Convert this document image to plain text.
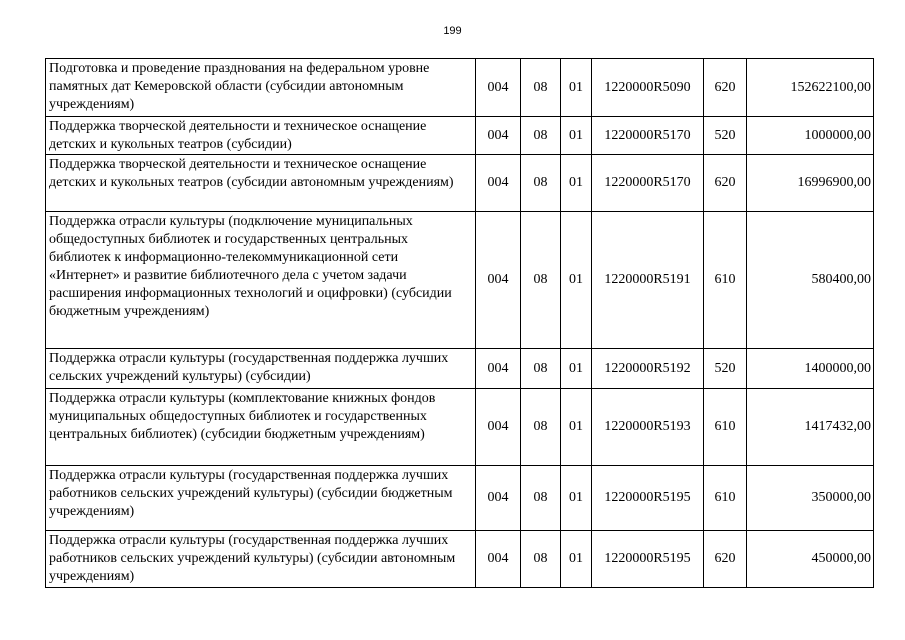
199
Подготовка и проведение празднования на федеральном уровне памятных дат Кемеровской области (субсидии автономным учреждениям)	004	08	01	1220000R5090	620	152622100,00
Поддержка творческой деятельности и техническое оснащение детских и кукольных театров (субсидии)	004	08	01	1220000R5170	520	1000000,00
Поддержка творческой деятельности и техническое оснащение детских и кукольных театров (субсидии автономным учреждениям)	004	08	01	1220000R5170	620	16996900,00
Поддержка отрасли культуры (подключение муниципальных общедоступных библиотек и государственных центральных библиотек к информационно-телекоммуникационной сети «Интернет» и развитие библиотечного дела с учетом задачи расширения информационных технологий и оцифровки) (субсидии бюджетным учреждениям)	004	08	01	1220000R5191	610	580400,00
Поддержка отрасли культуры (государственная поддержка лучших сельских учреждений культуры) (субсидии)	004	08	01	1220000R5192	520	1400000,00
Поддержка отрасли культуры (комплектование книжных фондов муниципальных общедоступных библиотек и государственных центральных библиотек) (субсидии бюджетным учреждениям)	004	08	01	1220000R5193	610	1417432,00
Поддержка отрасли культуры (государственная поддержка лучших работников сельских учреждений культуры) (субсидии бюджетным учреждениям)	004	08	01	1220000R5195	610	350000,00
Поддержка отрасли культуры (государственная поддержка лучших работников сельских учреждений культуры) (субсидии автономным учреждениям)	004	08	01	1220000R5195	620	450000,00
